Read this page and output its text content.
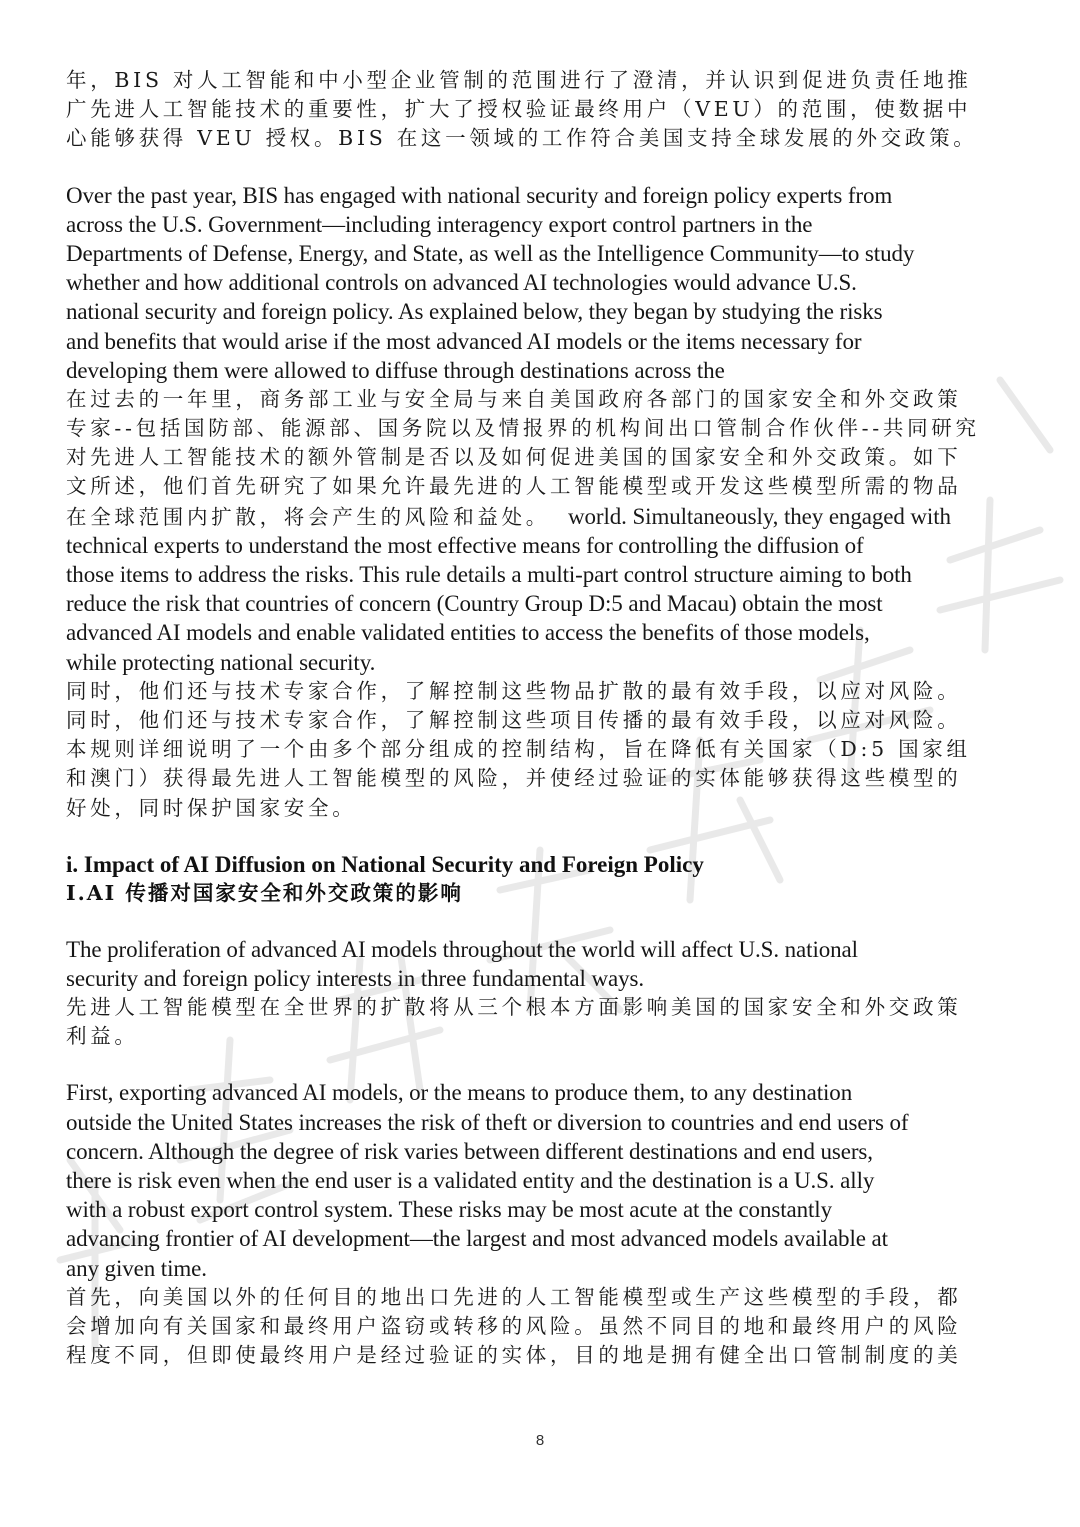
年，BIS 对人工智能和中小型企业管制的范围进行了澄清，并认识到促进负责任地推
广先进人工智能技术的重要性，扩大了授权验证最终用户（VEU）的范围，使数据中
心能够获得 VEU 授权。BIS 在这一领域的工作符合美国支持全球发展的外交政策。
Over the past year, BIS has engaged with national security and foreign policy experts from
across the U.S. Government—including interagency export control partners in the
Departments of Defense, Energy, and State, as well as the Intelligence Community—to study
whether and how additional controls on advanced AI technologies would advance U.S.
national security and foreign policy. As explained below, they began by studying the risks
and benefits that would arise if the most advanced AI models or the items necessary for
developing them were allowed to diffuse through destinations across the
在过去的一年里，商务部工业与安全局与来自美国政府各部门的国家安全和外交政策
专家--包括国防部、能源部、国务院以及情报界的机构间出口管制合作伙伴--共同研究
对先进人工智能技术的额外管制是否以及如何促进美国的国家安全和外交政策。如下
文所述，他们首先研究了如果允许最先进的人工智能模型或开发这些模型所需的物品
在全球范围内扩散，将会产生的风险和益处。 world. Simultaneously, they engaged with
technical experts to understand the most effective means for controlling the diffusion of
those items to address the risks. This rule details a multi-part control structure aiming to both
reduce the risk that countries of concern (Country Group D:5 and Macau) obtain the most
advanced AI models and enable validated entities to access the benefits of those models,
while protecting national security.
同时，他们还与技术专家合作，了解控制这些物品扩散的最有效手段，以应对风险。
同时，他们还与技术专家合作，了解控制这些项目传播的最有效手段，以应对风险。
本规则详细说明了一个由多个部分组成的控制结构，旨在降低有关国家（D:5 国家组
和澳门）获得最先进人工智能模型的风险，并使经过验证的实体能够获得这些模型的
好处，同时保护国家安全。
i. Impact of AI Diffusion on National Security and Foreign Policy
I.AI 传播对国家安全和外交政策的影响
The proliferation of advanced AI models throughout the world will affect U.S. national
security and foreign policy interests in three fundamental ways.
先进人工智能模型在全世界的扩散将从三个根本方面影响美国的国家安全和外交政策
利益。
First, exporting advanced AI models, or the means to produce them, to any destination
outside the United States increases the risk of theft or diversion to countries and end users of
concern. Although the degree of risk varies between different destinations and end users,
there is risk even when the end user is a validated entity and the destination is a U.S. ally
with a robust export control system. These risks may be most acute at the constantly
advancing frontier of AI development—the largest and most advanced models available at
any given time.
首先，向美国以外的任何目的地出口先进的人工智能模型或生产这些模型的手段，都
会增加向有关国家和最终用户盗窃或转移的风险。虽然不同目的地和最终用户的风险
程度不同，但即使最终用户是经过验证的实体，目的地是拥有健全出口管制制度的美
8
